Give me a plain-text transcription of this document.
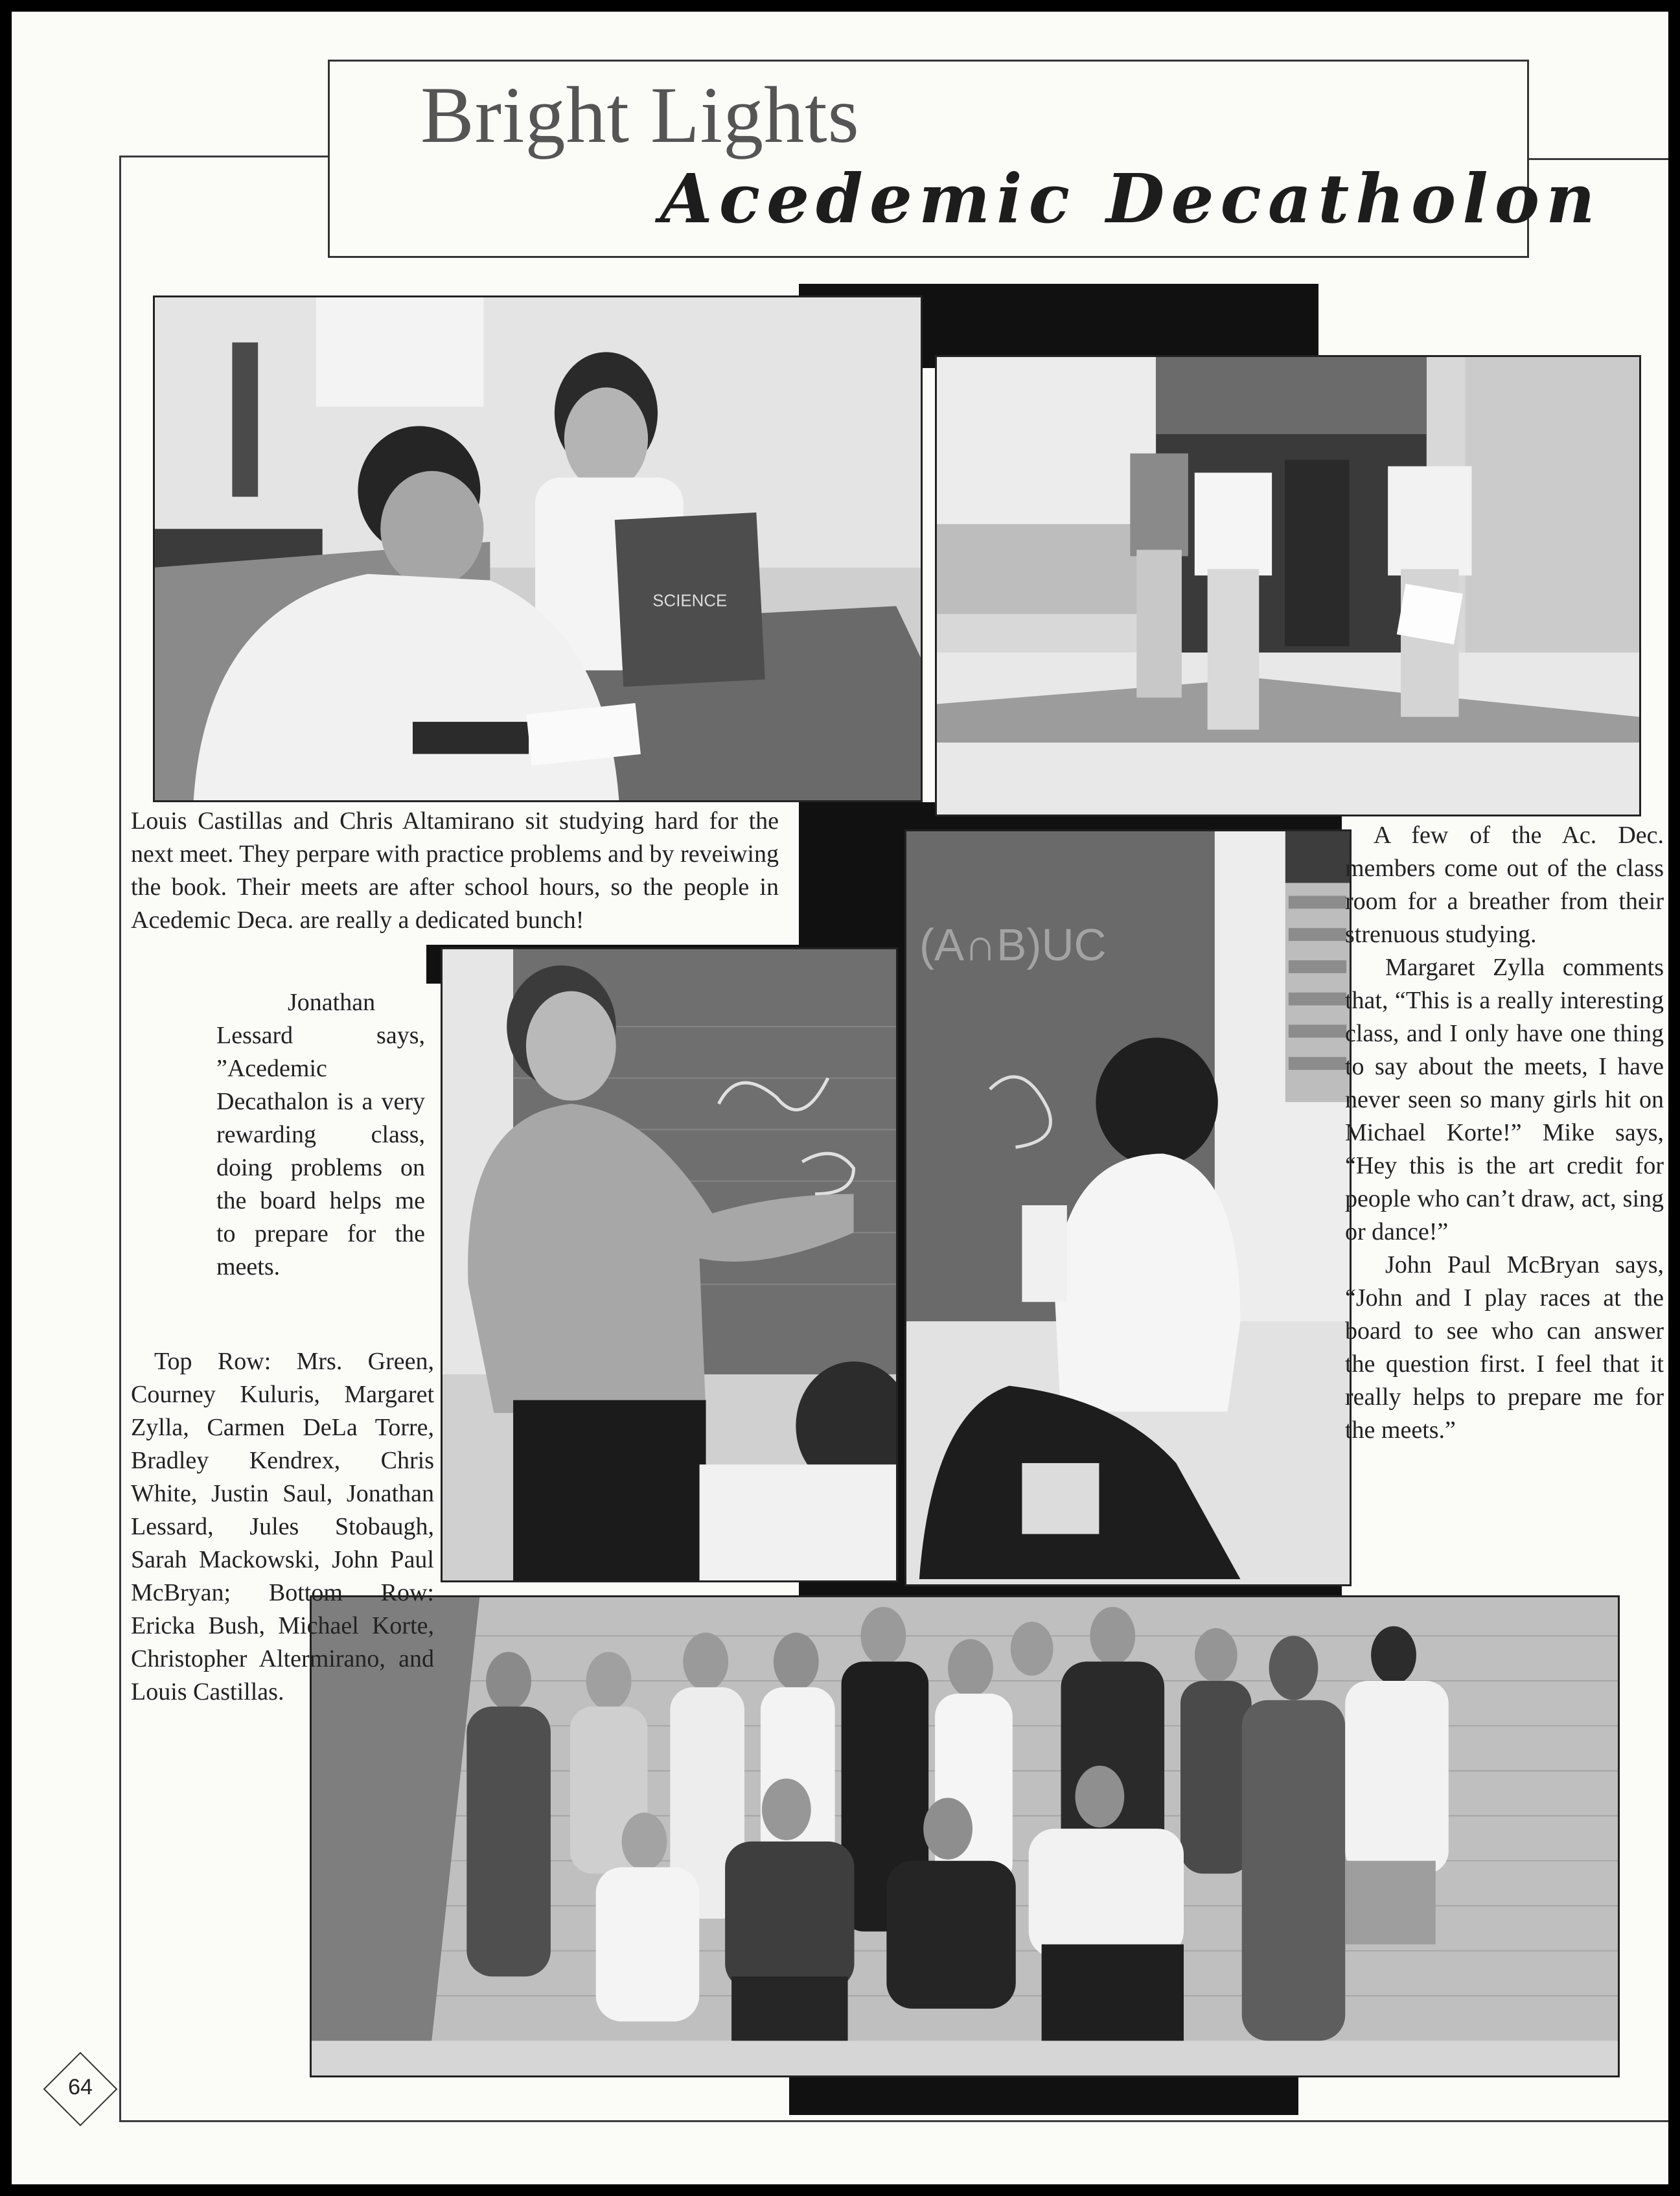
Bright Lights
Acedemic Decatholon
SCIENCE
(A∩B)UC
Louis Castillas and Chris Altamirano sit studying hard for the next meet. They perpare with practice problems and by reveiwing the book. Their meets are after school hours, so the people in Acedemic Deca. are really a dedicated bunch!

A few of the Ac. Dec. members come out of the class room for a breather from their strenuous studying.

Margaret Zylla comments that, “This is a really interesting class, and I only have one thing to say about the meets, I have never seen so many girls hit on Michael Korte!” Mike says, “Hey this is the art credit for people who can’t draw, act, sing or dance!”

John Paul McBryan says, “John and I play races at the board to see who can answer the question first. I feel that it really helps to prepare me for the meets.”

Jonathan Lessard says, ”Acedemic Decathalon is a very rewarding class, doing problems on the board helps me to prepare for the meets.
Top Row: Mrs. Green, Courney Kuluris, Margaret Zylla, Carmen DeLa Torre, Bradley Kendrex, Chris White, Justin Saul, Jonathan Lessard, Jules Stobaugh, Sarah Mackowski, John Paul McBryan; Bottom Row: Ericka Bush, Michael Korte, Christopher Altermirano, and Louis Castillas.
64
